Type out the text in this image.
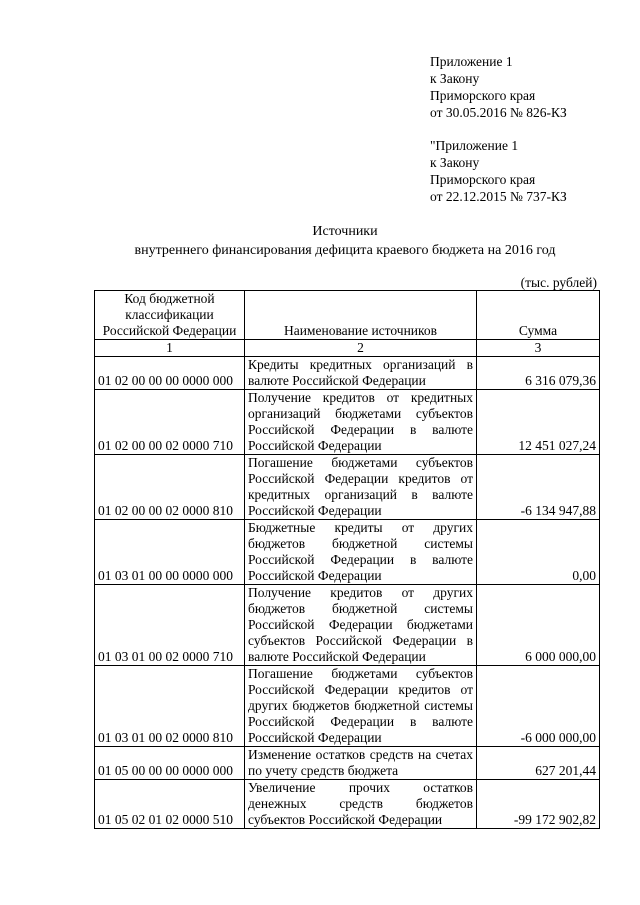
Приложение 1
к Закону
Приморского края
от 30.05.2016 № 826-КЗ
"Приложение 1
к Закону
Приморского края
от 22.12.2015 № 737-КЗ
Источники
внутреннего финансирования дефицита краевого бюджета на 2016 год
(тыс. рублей)
Код бюджетной классификации Российской Федерации	Наименование источников	Сумма
1	2	3
01 02 00 00 00 0000 000	Кредиты кредитных организаций в валюте Российской Федерации	6 316 079,36
01 02 00 00 02 0000 710	Получение кредитов от кредитных организаций бюджетами субъектов Российской Федерации в валюте Российской Федерации	12 451 027,24
01 02 00 00 02 0000 810	Погашение бюджетами субъектов Российской Федерации кредитов от кредитных организаций в валюте Российской Федерации	-6 134 947,88
01 03 01 00 00 0000 000	Бюджетные кредиты от других бюджетов бюджетной системы Российской Федерации в валюте Российской Федерации	0,00
01 03 01 00 02 0000 710	Получение кредитов от других бюджетов бюджетной системы Российской Федерации бюджетами субъектов Российской Федерации в валюте Российской Федерации	6 000 000,00
01 03 01 00 02 0000 810	Погашение бюджетами субъектов Российской Федерации кредитов от других бюджетов бюджетной системы Российской Федерации в валюте Российской Федерации	-6 000 000,00
01 05 00 00 00 0000 000	Изменение остатков средств на счетах по учету средств бюджета	627 201,44
01 05 02 01 02 0000 510	Увеличение прочих остатков денежных средств бюджетов субъектов Российской Федерации	-99 172 902,82
